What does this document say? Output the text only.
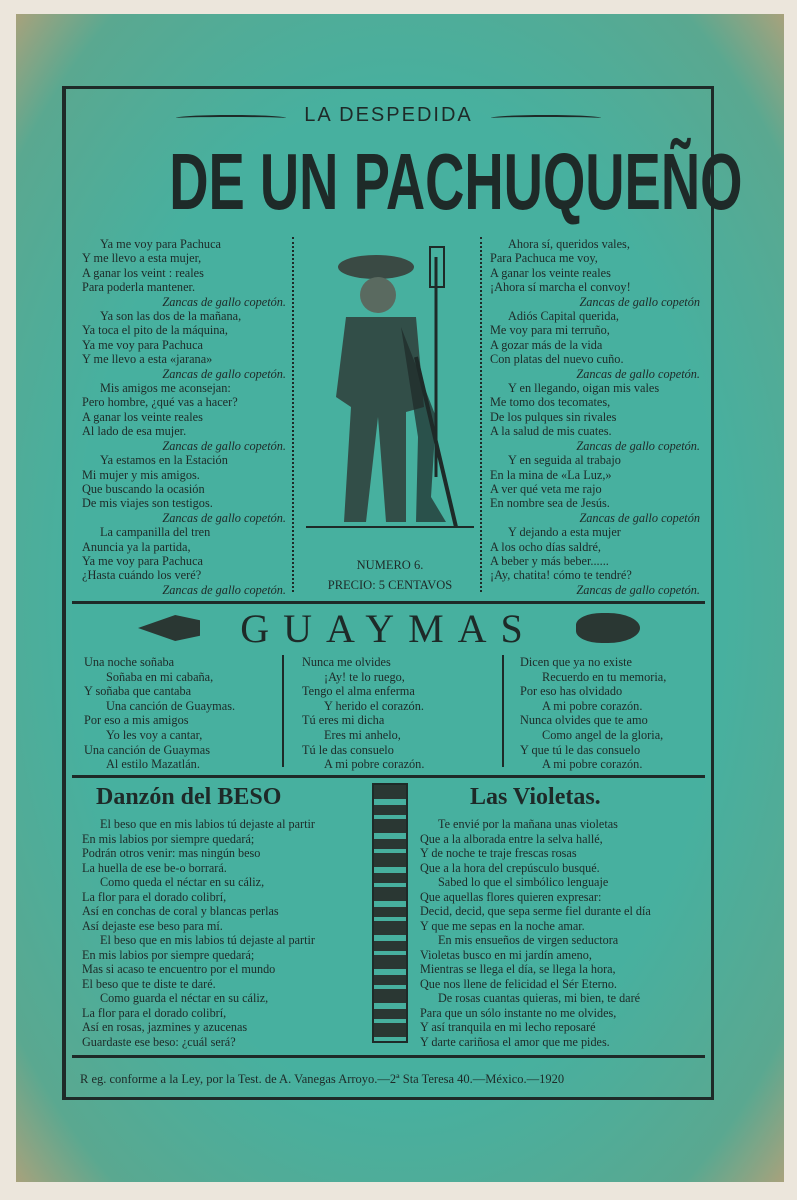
LA DESPEDIDA
DE UN PACHUQUEÑO
Ya me voy para Pachuca
Y me llevo a esta mujer,
A ganar los veint : reales
Para poderla mantener.
Zancas de gallo copetón.
Ya son las dos de la mañana,
Ya toca el pito de la máquina,
Ya me voy para Pachuca
Y me llevo a esta «jarana»
Zancas de gallo copetón.
Mis amigos me aconsejan:
Pero hombre, ¿qué vas a hacer?
A ganar los veinte reales
Al lado de esa mujer.
Zancas de gallo copetón.
Ya estamos en la Estación
Mi mujer y mis amigos.
Que buscando la ocasión
De mis viajes son testigos.
Zancas de gallo copetón.
La campanilla del tren
Anuncia ya la partida,
Ya me voy para Pachuca
¿Hasta cuándo los veré?
Zancas de gallo copetón.
NUMERO 6.
PRECIO: 5 CENTAVOS
Ahora sí, queridos vales,
Para Pachuca me voy,
A ganar los veinte reales
¡Ahora sí marcha el convoy!
Zancas de gallo copetón
Adiós Capital querida,
Me voy para mi terruño,
A gozar más de la vida
Con platas del nuevo cuño.
Zancas de gallo copetón.
Y en llegando, oigan mis vales
Me tomo dos tecomates,
De los pulques sin rivales
A la salud de mis cuates.
Zancas de gallo copetón.
Y en seguida al trabajo
En la mina de «La Luz,»
A ver qué veta me rajo
En nombre sea de Jesús.
Zancas de gallo copetón
Y dejando a esta mujer
A los ocho días saldré,
A beber y más beber......
¡Ay, chatita! cómo te tendré?
Zancas de gallo copetón.
GUAYMAS
Una noche soñaba
Soñaba en mi cabaña,
Y soñaba que cantaba
Una canción de Guaymas.
Por eso a mis amigos
Yo les voy a cantar,
Una canción de Guaymas
Al estilo Mazatlán.
Nunca me olvides
¡Ay! te lo ruego,
Tengo el alma enferma
Y herido el corazón.
Tú eres mi dicha
Eres mi anhelo,
Tú le das consuelo
A mi pobre corazón.
Dicen que ya no existe
Recuerdo en tu memoria,
Por eso has olvidado
A mi pobre corazón.
Nunca olvides que te amo
Como angel de la gloria,
Y que tú le das consuelo
A mi pobre corazón.
Danzón del BESO
El beso que en mis labios tú dejaste al partir
En mis labios por siempre quedará;
Podrán otros venir: mas ningún beso
La huella de ese be-o borrará.
Como queda el néctar en su cáliz,
La flor para el dorado colibrí,
Así en conchas de coral y blancas perlas
Así dejaste ese beso para mí.
El beso que en mis labios tú dejaste al partir
En mis labios por siempre quedará;
Mas si acaso te encuentro por el mundo
El beso que te diste te daré.
Como guarda el néctar en su cáliz,
La flor para el dorado colibrí,
Así en rosas, jazmines y azucenas
Guardaste ese beso: ¿cuál será?
Las Violetas.
Te envié por la mañana unas violetas
Que a la alborada entre la selva hallé,
Y de noche te traje frescas rosas
Que a la hora del crepúsculo busqué.
Sabed lo que el simbólico lenguaje
Que aquellas flores quieren expresar:
Decid, decid, que sepa serme fiel durante el día
Y que me sepas en la noche amar.
En mis ensueños de virgen seductora
Violetas busco en mi jardín ameno,
Mientras se llega el día, se llega la hora,
Que nos llene de felicidad el Sér Eterno.
De rosas cuantas quieras, mi bien, te daré
Para que un sólo instante no me olvides,
Y así tranquila en mi lecho reposaré
Y darte cariñosa el amor que me pides.
R eg. conforme a la Ley, por la Test. de A. Vanegas Arroyo.—2ª Sta Teresa 40.—México.—1920
